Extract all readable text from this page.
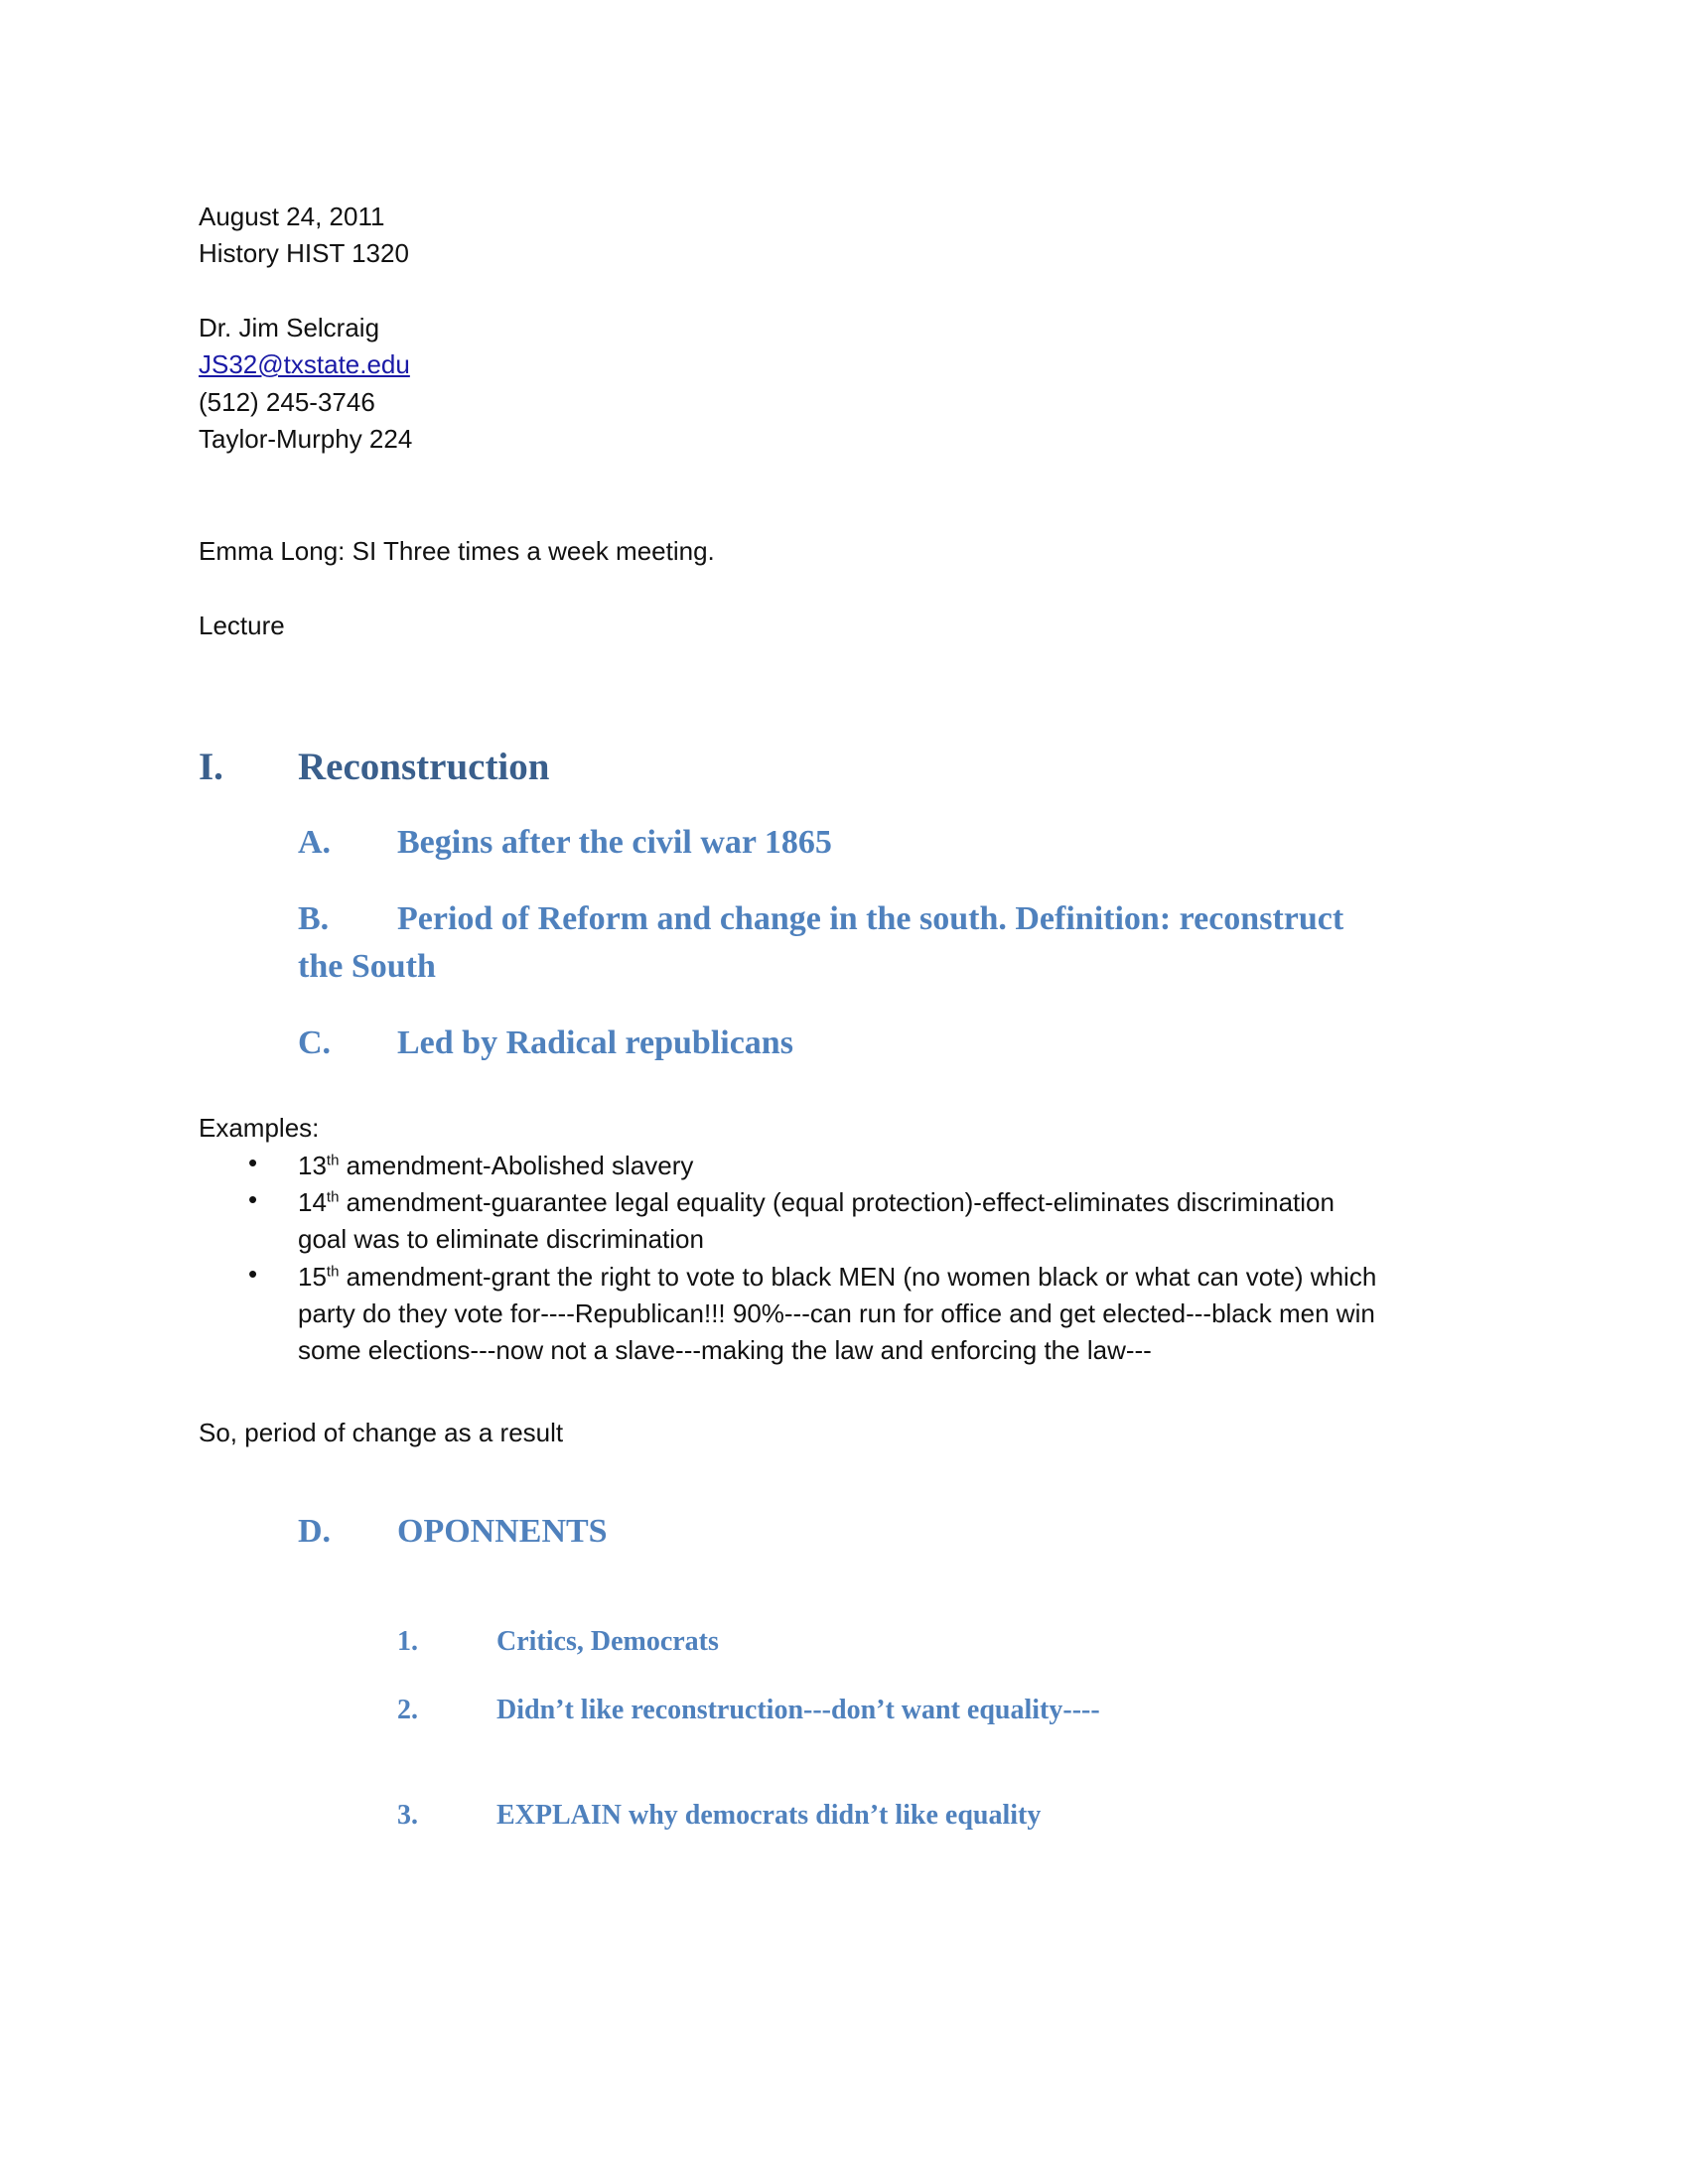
August 24, 2011
History HIST 1320
Dr. Jim Selcraig
JS32@txstate.edu
(512) 245-3746
Taylor-Murphy 224
Emma Long: SI Three times a week meeting.
Lecture
I. Reconstruction
A. Begins after the civil war 1865
B. Period of Reform and change in the south. Definition: reconstruct
the South
C. Led by Radical republicans
Examples:
• 13th amendment-Abolished slavery
• 14th amendment-guarantee legal equality (equal protection)-effect-eliminates discrimination
goal was to eliminate discrimination
• 15th amendment-grant the right to vote to black MEN (no women black or what can vote) which
party do they vote for----Republican!!! 90%---can run for office and get elected---black men win
some elections---now not a slave---making the law and enforcing the law---
So, period of change as a result
D. OPONNENTS
1.	Critics, Democrats
2.	Didn’t like reconstruction---don’t want equality----
3.	EXPLAIN why democrats didn’t like equality
